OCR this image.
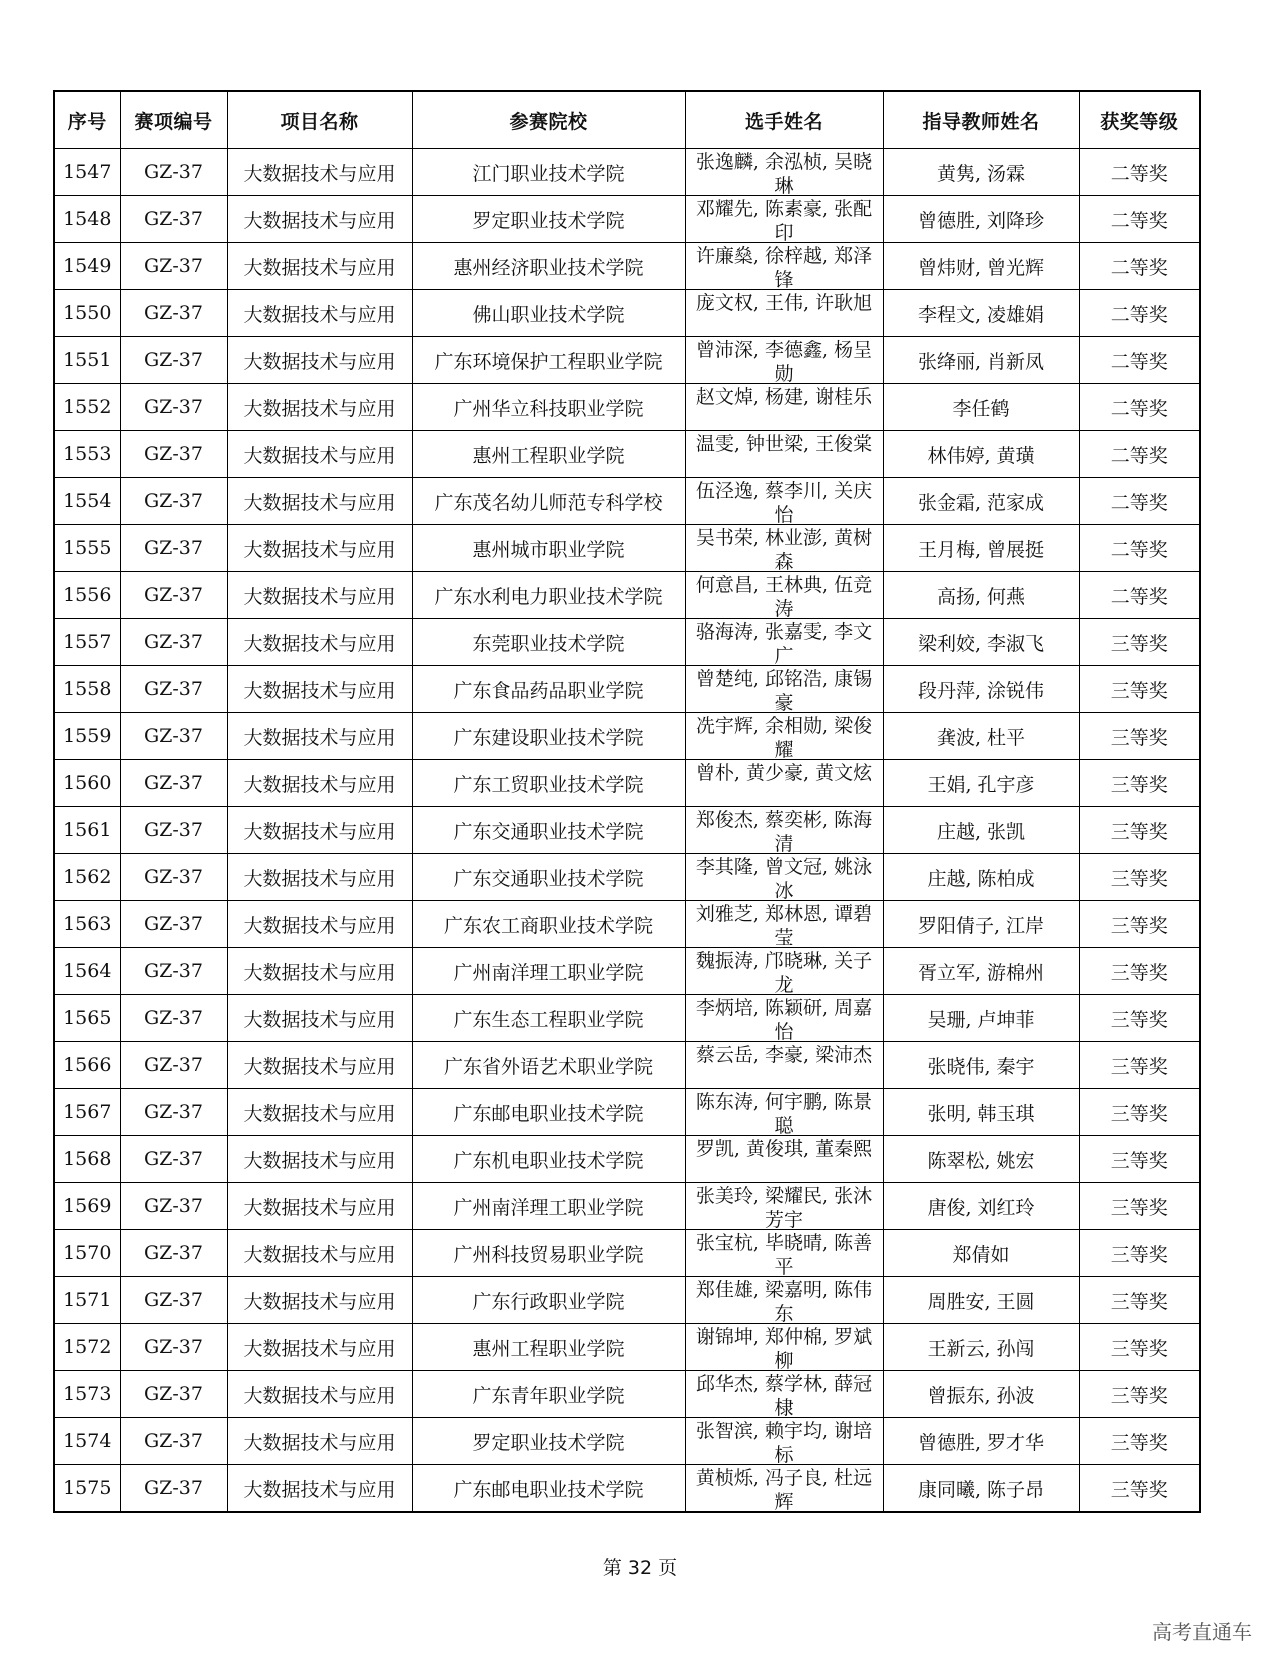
序号	赛项编号	项目名称	参赛院校	选手姓名	指导教师姓名	获奖等级
1547	GZ-37	大数据技术与应用	江门职业技术学院	张逸麟, 余泓桢, 吴晓琳	黄隽, 汤霖	二等奖
1548	GZ-37	大数据技术与应用	罗定职业技术学院	邓耀先, 陈素豪, 张配印	曾德胜, 刘降珍	二等奖
1549	GZ-37	大数据技术与应用	惠州经济职业技术学院	许廉燊, 徐梓越, 郑泽锋	曾炜财, 曾光辉	二等奖
1550	GZ-37	大数据技术与应用	佛山职业技术学院	庞文权, 王伟, 许耿旭	李程文, 凌雄娟	二等奖
1551	GZ-37	大数据技术与应用	广东环境保护工程职业学院	曾沛深, 李德鑫, 杨呈勋	张绛丽, 肖新凤	二等奖
1552	GZ-37	大数据技术与应用	广州华立科技职业学院	赵文焯, 杨建, 谢桂乐	李任鹤	二等奖
1553	GZ-37	大数据技术与应用	惠州工程职业学院	温雯, 钟世梁, 王俊棠	林伟婷, 黄璜	二等奖
1554	GZ-37	大数据技术与应用	广东茂名幼儿师范专科学校	伍泾逸, 蔡李川, 关庆怡	张金霜, 范家成	二等奖
1555	GZ-37	大数据技术与应用	惠州城市职业学院	吴书荣, 林业澎, 黄树森	王月梅, 曾展挺	二等奖
1556	GZ-37	大数据技术与应用	广东水利电力职业技术学院	何意昌, 王林典, 伍竞涛	高扬, 何燕	二等奖
1557	GZ-37	大数据技术与应用	东莞职业技术学院	骆海涛, 张嘉雯, 李文广	梁利姣, 李淑飞	三等奖
1558	GZ-37	大数据技术与应用	广东食品药品职业学院	曾楚纯, 邱铭浩, 康锡豪	段丹萍, 涂锐伟	三等奖
1559	GZ-37	大数据技术与应用	广东建设职业技术学院	冼宇辉, 余相勋, 梁俊耀	龚波, 杜平	三等奖
1560	GZ-37	大数据技术与应用	广东工贸职业技术学院	曾朴, 黄少豪, 黄文炫	王娟, 孔宇彦	三等奖
1561	GZ-37	大数据技术与应用	广东交通职业技术学院	郑俊杰, 蔡奕彬, 陈海清	庄越, 张凯	三等奖
1562	GZ-37	大数据技术与应用	广东交通职业技术学院	李其隆, 曾文冠, 姚泳冰	庄越, 陈柏成	三等奖
1563	GZ-37	大数据技术与应用	广东农工商职业技术学院	刘雅芝, 郑林恩, 谭碧莹	罗阳倩子, 江岸	三等奖
1564	GZ-37	大数据技术与应用	广州南洋理工职业学院	魏振涛, 邝晓琳, 关子龙	胥立军, 游棉州	三等奖
1565	GZ-37	大数据技术与应用	广东生态工程职业学院	李炳培, 陈颖研, 周嘉怡	吴珊, 卢坤菲	三等奖
1566	GZ-37	大数据技术与应用	广东省外语艺术职业学院	蔡云岳, 李豪, 梁沛杰	张晓伟, 秦宇	三等奖
1567	GZ-37	大数据技术与应用	广东邮电职业技术学院	陈东涛, 何宇鹏, 陈景聪	张明, 韩玉琪	三等奖
1568	GZ-37	大数据技术与应用	广东机电职业技术学院	罗凯, 黄俊琪, 董秦熙	陈翠松, 姚宏	三等奖
1569	GZ-37	大数据技术与应用	广州南洋理工职业学院	张美玲, 梁耀民, 张沐芳宇	唐俊, 刘红玲	三等奖
1570	GZ-37	大数据技术与应用	广州科技贸易职业学院	张宝杭, 毕晓晴, 陈善平	郑倩如	三等奖
1571	GZ-37	大数据技术与应用	广东行政职业学院	郑佳雄, 梁嘉明, 陈伟东	周胜安, 王圆	三等奖
1572	GZ-37	大数据技术与应用	惠州工程职业学院	谢锦坤, 郑仲棉, 罗斌柳	王新云, 孙闯	三等奖
1573	GZ-37	大数据技术与应用	广东青年职业学院	邱华杰, 蔡学林, 薛冠棣	曾振东, 孙波	三等奖
1574	GZ-37	大数据技术与应用	罗定职业技术学院	张智滨, 赖宇均, 谢培标	曾德胜, 罗才华	三等奖
1575	GZ-37	大数据技术与应用	广东邮电职业技术学院	黄桢烁, 冯子良, 杜远辉	康同曦, 陈子昂	三等奖
第 32 页
高考直通车
